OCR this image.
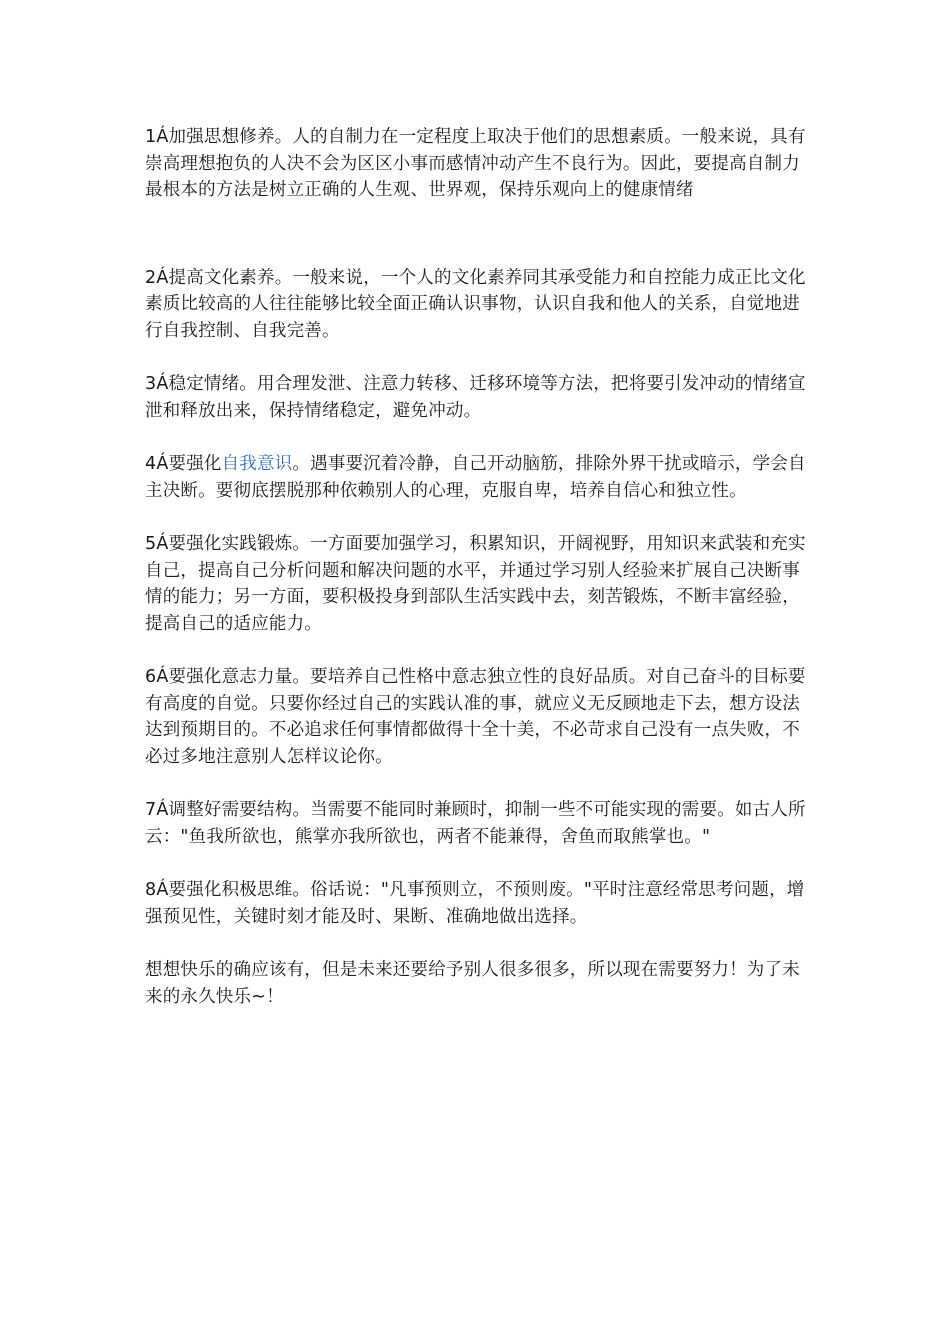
1Á加强思想修养。人的自制力在一定程度上取决于他们的思想素质。一般来说，具有崇高理想抱负的人决不会为区区小事而感情冲动产生不良行为。因此，要提高自制力最根本的方法是树立正确的人生观、世界观，保持乐观向上的健康情绪

2Á提高文化素养。一般来说，一个人的文化素养同其承受能力和自控能力成正比文化素质比较高的人往往能够比较全面正确认识事物，认识自我和他人的关系，自觉地进行自我控制、自我完善。

3Á稳定情绪。用合理发泄、注意力转移、迁移环境等方法，把将要引发冲动的情绪宣泄和释放出来，保持情绪稳定，避免冲动。

4Á要强化自我意识。遇事要沉着冷静，自己开动脑筋，排除外界干扰或暗示，学会自主决断。要彻底摆脱那种依赖别人的心理，克服自卑，培养自信心和独立性。

5Á要强化实践锻炼。一方面要加强学习，积累知识，开阔视野，用知识来武装和充实自己，提高自己分析问题和解决问题的水平，并通过学习别人经验来扩展自己决断事情的能力；另一方面，要积极投身到部队生活实践中去，刻苦锻炼，不断丰富经验，提高自己的适应能力。

6Á要强化意志力量。要培养自己性格中意志独立性的良好品质。对自己奋斗的目标要有高度的自觉。只要你经过自己的实践认准的事，就应义无反顾地走下去，想方设法达到预期目的。不必追求任何事情都做得十全十美，不必苛求自己没有一点失败，不必过多地注意别人怎样议论你。

7Á调整好需要结构。当需要不能同时兼顾时，抑制一些不可能实现的需要。如古人所云："鱼我所欲也，熊掌亦我所欲也，两者不能兼得，舍鱼而取熊掌也。"

8Á要强化积极思维。俗话说："凡事预则立，不预则废。"平时注意经常思考问题，增强预见性，关键时刻才能及时、果断、准确地做出选择。

想想快乐的确应该有，但是未来还要给予别人很多很多，所以现在需要努力！为了未来的永久快乐~！
